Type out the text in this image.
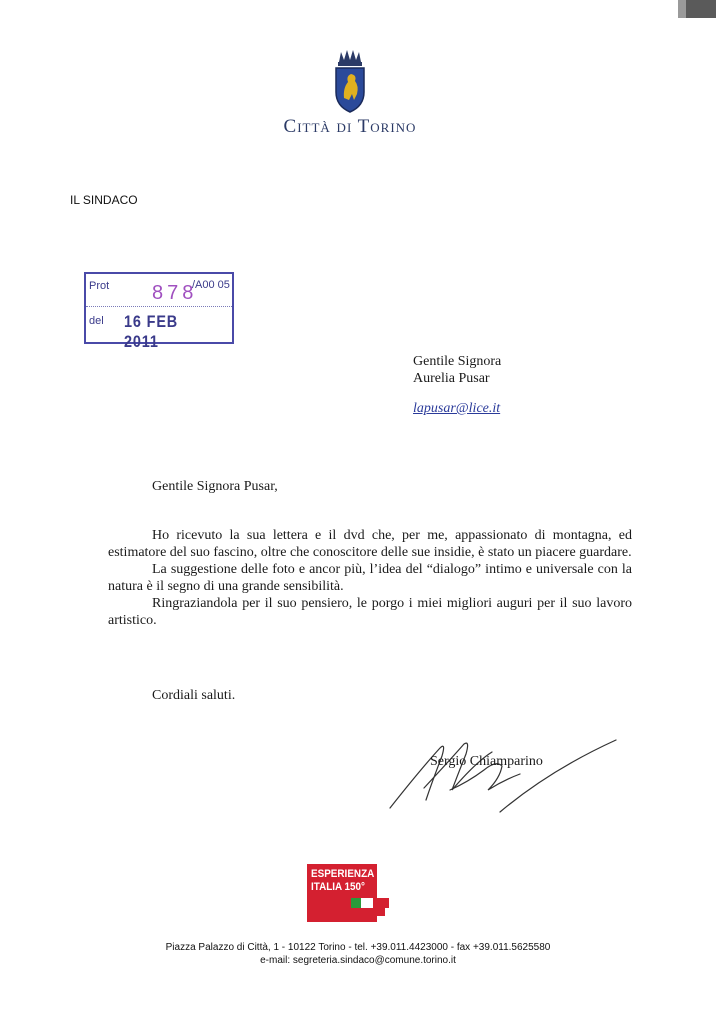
Città di Torino
IL SINDACO
Prot 878
/A00 05
del 16 FEB 2011
Gentile Signora
Aurelia Pusar
lapusar@lice.it
Gentile Signora Pusar,

Ho ricevuto la sua lettera e il dvd che, per me, appassionato di montagna, ed estimatore del suo fascino, oltre che conoscitore delle sue insidie, è stato un piacere guardare.

La suggestione delle foto e ancor più, l’idea del “dialogo” intimo e universale con la natura è il segno di una grande sensibilità.

Ringraziandola per il suo pensiero, le porgo i miei migliori auguri per il suo lavoro artistico.

Cordiali saluti.
Sergio Chiamparino
ESPERIENZA
ITALIA 150°
Piazza Palazzo di Città, 1 - 10122 Torino - tel. +39.011.4423000 - fax +39.011.5625580
e-mail: segreteria.sindaco@comune.torino.it
